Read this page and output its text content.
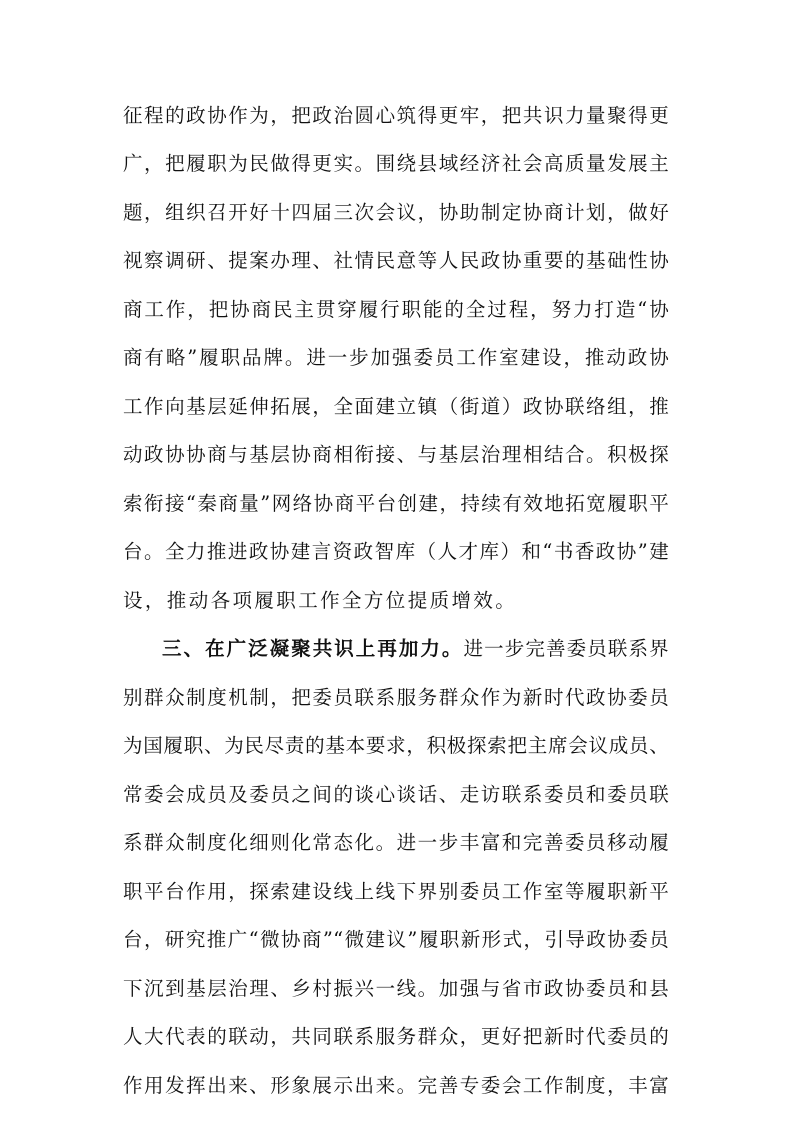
征程的政协作为，把政治圆心筑得更牢，把共识力量聚得更
广，把履职为民做得更实。围绕县域经济社会高质量发展主
题，组织召开好十四届三次会议，协助制定协商计划，做好
视察调研、提案办理、社情民意等人民政协重要的基础性协
商工作，把协商民主贯穿履行职能的全过程，努力打造“协
商有略”履职品牌。进一步加强委员工作室建设，推动政协
工作向基层延伸拓展，全面建立镇（街道）政协联络组，推
动政协协商与基层协商相衔接、与基层治理相结合。积极探
索衔接“秦商量”网络协商平台创建，持续有效地拓宽履职平
台。全力推进政协建言资政智库（人才库）和“书香政协”建
设，推动各项履职工作全方位提质增效。
三、在广泛凝聚共识上再加力。进一步完善委员联系界
别群众制度机制，把委员联系服务群众作为新时代政协委员
为国履职、为民尽责的基本要求，积极探索把主席会议成员、
常委会成员及委员之间的谈心谈话、走访联系委员和委员联
系群众制度化细则化常态化。进一步丰富和完善委员移动履
职平台作用，探索建设线上线下界别委员工作室等履职新平
台，研究推广“微协商”“微建议”履职新形式，引导政协委员
下沉到基层治理、乡村振兴一线。加强与省市政协委员和县
人大代表的联动，共同联系服务群众，更好把新时代委员的
作用发挥出来、形象展示出来。完善专委会工作制度，丰富
